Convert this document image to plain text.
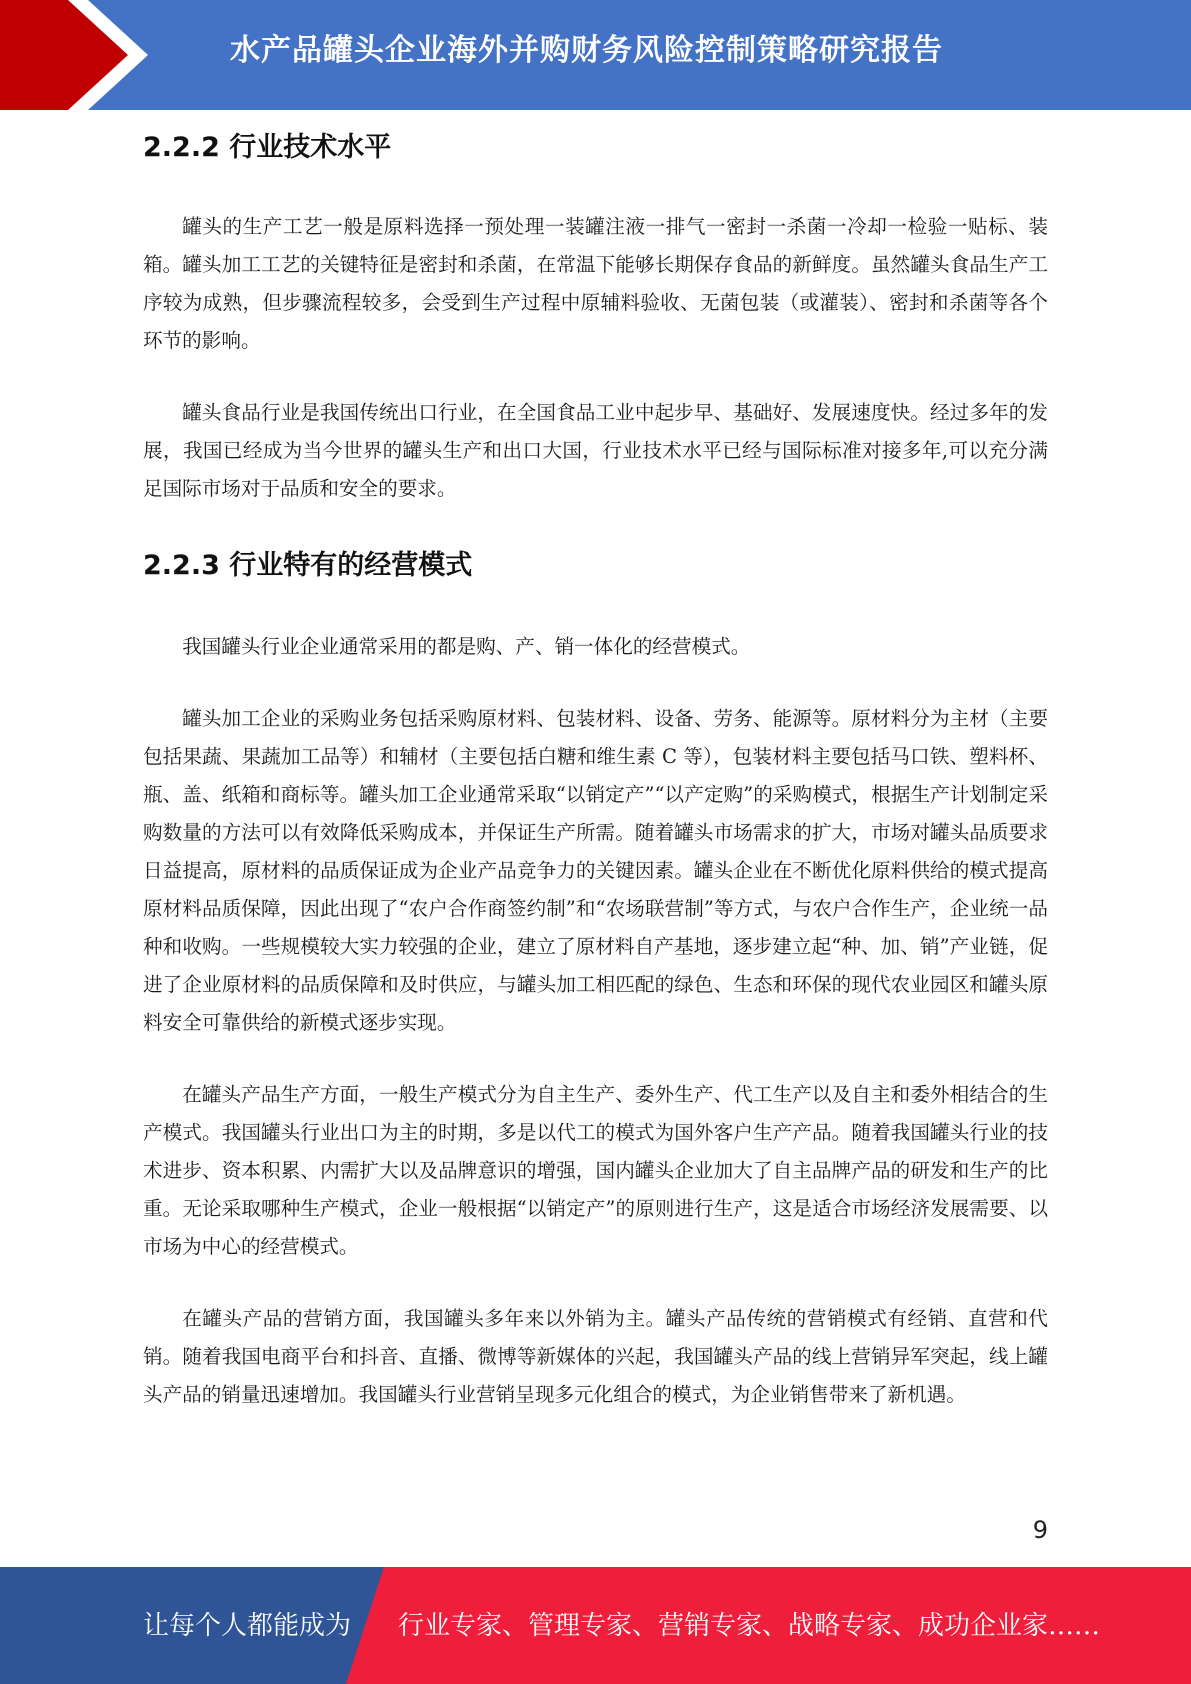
水产品罐头企业海外并购财务风险控制策略研究报告
2.2.2 行业技术水平

罐头的生产工艺一般是原料选择一预处理一装罐注液一排气一密封一杀菌一冷却一检验一贴标、装箱。罐头加工工艺的关键特征是密封和杀菌，在常温下能够长期保存食品的新鲜度。虽然罐头食品生产工序较为成熟，但步骤流程较多，会受到生产过程中原辅料验收、无菌包装（或灌装）、密封和杀菌等各个环节的影响。

罐头食品行业是我国传统出口行业，在全国食品工业中起步早、基础好、发展速度快。经过多年的发展，我国已经成为当今世界的罐头生产和出口大国，行业技术水平已经与国际标准对接多年,可以充分满足国际市场对于品质和安全的要求。

2.2.3 行业特有的经营模式

我国罐头行业企业通常采用的都是购、产、销一体化的经营模式。

罐头加工企业的采购业务包括采购原材料、包装材料、设备、劳务、能源等。原材料分为主材（主要包括果蔬、果蔬加工品等）和辅材（主要包括白糖和维生素 C 等），包装材料主要包括马口铁、塑料杯、瓶、盖、纸箱和商标等。罐头加工企业通常采取“以销定产”“以产定购”的采购模式，根据生产计划制定采购数量的方法可以有效降低采购成本，并保证生产所需。随着罐头市场需求的扩大，市场对罐头品质要求日益提高，原材料的品质保证成为企业产品竞争力的关键因素。罐头企业在不断优化原料供给的模式提高原材料品质保障，因此出现了“农户合作商签约制”和“农场联营制”等方式，与农户合作生产，企业统一品种和收购。一些规模较大实力较强的企业，建立了原材料自产基地，逐步建立起“种、加、销”产业链，促进了企业原材料的品质保障和及时供应，与罐头加工相匹配的绿色、生态和环保的现代农业园区和罐头原料安全可靠供给的新模式逐步实现。

在罐头产品生产方面，一般生产模式分为自主生产、委外生产、代工生产以及自主和委外相结合的生产模式。我国罐头行业出口为主的时期，多是以代工的模式为国外客户生产产品。随着我国罐头行业的技术进步、资本积累、内需扩大以及品牌意识的增强，国内罐头企业加大了自主品牌产品的研发和生产的比重。无论采取哪种生产模式，企业一般根据“以销定产”的原则进行生产，这是适合市场经济发展需要、以市场为中心的经营模式。

在罐头产品的营销方面，我国罐头多年来以外销为主。罐头产品传统的营销模式有经销、直营和代销。随着我国电商平台和抖音、直播、微博等新媒体的兴起，我国罐头产品的线上营销异军突起，线上罐头产品的销量迅速增加。我国罐头行业营销呈现多元化组合的模式，为企业销售带来了新机遇。

9
让每个人都能成为 行业专家、管理专家、营销专家、战略专家、成功企业家……
